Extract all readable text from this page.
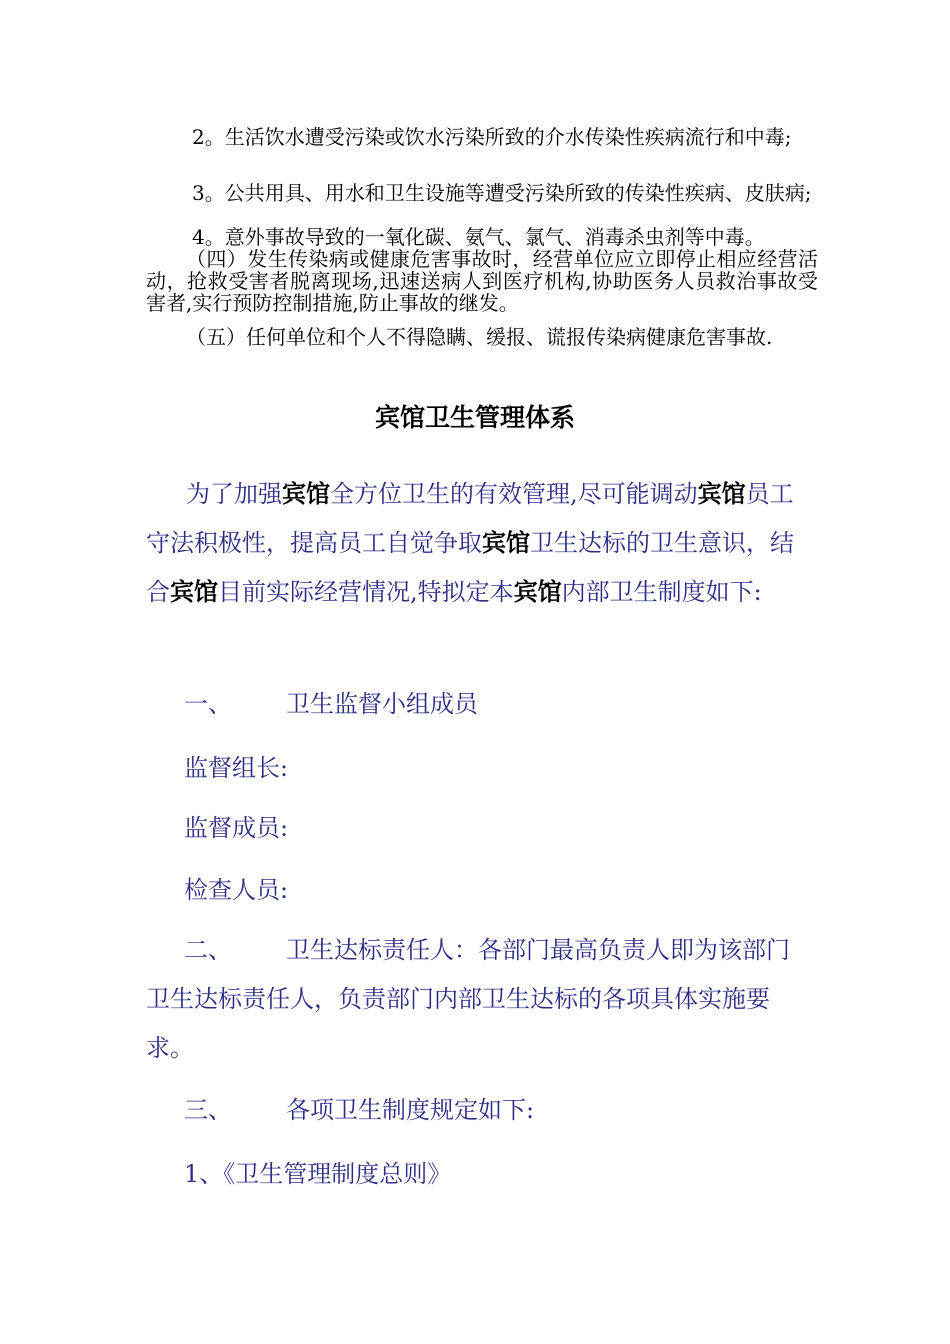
2。生活饮水遭受污染或饮水污染所致的介水传染性疾病流行和中毒;
3。公共用具、用水和卫生设施等遭受污染所致的传染性疾病、皮肤病;
4。意外事故导致的一氧化碳、氨气、氯气、消毒杀虫剂等中毒。
（四）发生传染病或健康危害事故时，经营单位应立即停止相应经营活动，抢救受害者脱离现场,迅速送病人到医疗机构,协助医务人员救治事故受害者,实行预防控制措施,防止事故的继发。
（五）任何单位和个人不得隐瞒、缓报、谎报传染病健康危害事故.
宾馆卫生管理体系
为了加强宾馆全方位卫生的有效管理,尽可能调动宾馆员工守法积极性，提高员工自觉争取宾馆卫生达标的卫生意识，结合宾馆目前实际经营情况,特拟定本宾馆内部卫生制度如下:
一、 卫生监督小组成员
监督组长:
监督成员:
检查人员:
二、 卫生达标责任人：各部门最高负责人即为该部门卫生达标责任人，负责部门内部卫生达标的各项具体实施要求。
三、 各项卫生制度规定如下:
1、《卫生管理制度总则》
